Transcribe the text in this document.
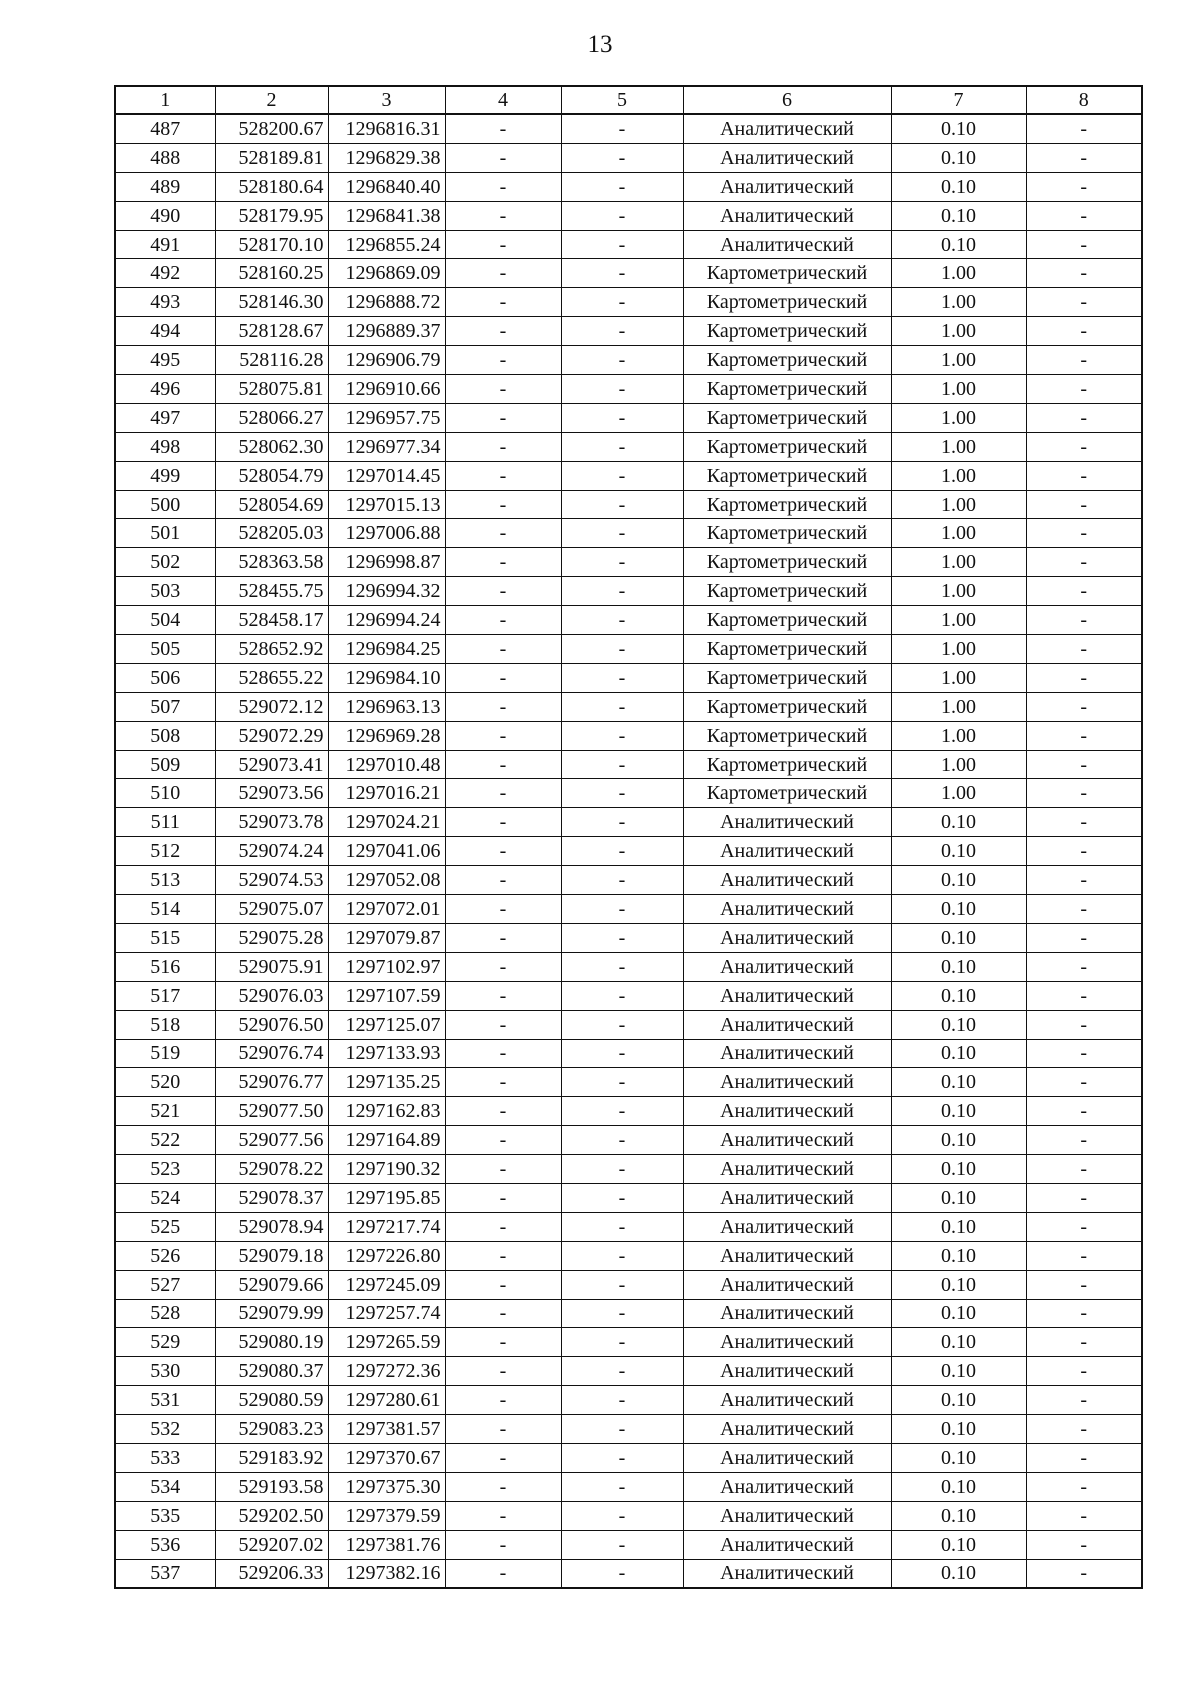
13
1	2	3	4	5	6	7	8
487	528200.67	1296816.31	-	-	Аналитический	0.10	-
488	528189.81	1296829.38	-	-	Аналитический	0.10	-
489	528180.64	1296840.40	-	-	Аналитический	0.10	-
490	528179.95	1296841.38	-	-	Аналитический	0.10	-
491	528170.10	1296855.24	-	-	Аналитический	0.10	-
492	528160.25	1296869.09	-	-	Картометрический	1.00	-
493	528146.30	1296888.72	-	-	Картометрический	1.00	-
494	528128.67	1296889.37	-	-	Картометрический	1.00	-
495	528116.28	1296906.79	-	-	Картометрический	1.00	-
496	528075.81	1296910.66	-	-	Картометрический	1.00	-
497	528066.27	1296957.75	-	-	Картометрический	1.00	-
498	528062.30	1296977.34	-	-	Картометрический	1.00	-
499	528054.79	1297014.45	-	-	Картометрический	1.00	-
500	528054.69	1297015.13	-	-	Картометрический	1.00	-
501	528205.03	1297006.88	-	-	Картометрический	1.00	-
502	528363.58	1296998.87	-	-	Картометрический	1.00	-
503	528455.75	1296994.32	-	-	Картометрический	1.00	-
504	528458.17	1296994.24	-	-	Картометрический	1.00	-
505	528652.92	1296984.25	-	-	Картометрический	1.00	-
506	528655.22	1296984.10	-	-	Картометрический	1.00	-
507	529072.12	1296963.13	-	-	Картометрический	1.00	-
508	529072.29	1296969.28	-	-	Картометрический	1.00	-
509	529073.41	1297010.48	-	-	Картометрический	1.00	-
510	529073.56	1297016.21	-	-	Картометрический	1.00	-
511	529073.78	1297024.21	-	-	Аналитический	0.10	-
512	529074.24	1297041.06	-	-	Аналитический	0.10	-
513	529074.53	1297052.08	-	-	Аналитический	0.10	-
514	529075.07	1297072.01	-	-	Аналитический	0.10	-
515	529075.28	1297079.87	-	-	Аналитический	0.10	-
516	529075.91	1297102.97	-	-	Аналитический	0.10	-
517	529076.03	1297107.59	-	-	Аналитический	0.10	-
518	529076.50	1297125.07	-	-	Аналитический	0.10	-
519	529076.74	1297133.93	-	-	Аналитический	0.10	-
520	529076.77	1297135.25	-	-	Аналитический	0.10	-
521	529077.50	1297162.83	-	-	Аналитический	0.10	-
522	529077.56	1297164.89	-	-	Аналитический	0.10	-
523	529078.22	1297190.32	-	-	Аналитический	0.10	-
524	529078.37	1297195.85	-	-	Аналитический	0.10	-
525	529078.94	1297217.74	-	-	Аналитический	0.10	-
526	529079.18	1297226.80	-	-	Аналитический	0.10	-
527	529079.66	1297245.09	-	-	Аналитический	0.10	-
528	529079.99	1297257.74	-	-	Аналитический	0.10	-
529	529080.19	1297265.59	-	-	Аналитический	0.10	-
530	529080.37	1297272.36	-	-	Аналитический	0.10	-
531	529080.59	1297280.61	-	-	Аналитический	0.10	-
532	529083.23	1297381.57	-	-	Аналитический	0.10	-
533	529183.92	1297370.67	-	-	Аналитический	0.10	-
534	529193.58	1297375.30	-	-	Аналитический	0.10	-
535	529202.50	1297379.59	-	-	Аналитический	0.10	-
536	529207.02	1297381.76	-	-	Аналитический	0.10	-
537	529206.33	1297382.16	-	-	Аналитический	0.10	-
